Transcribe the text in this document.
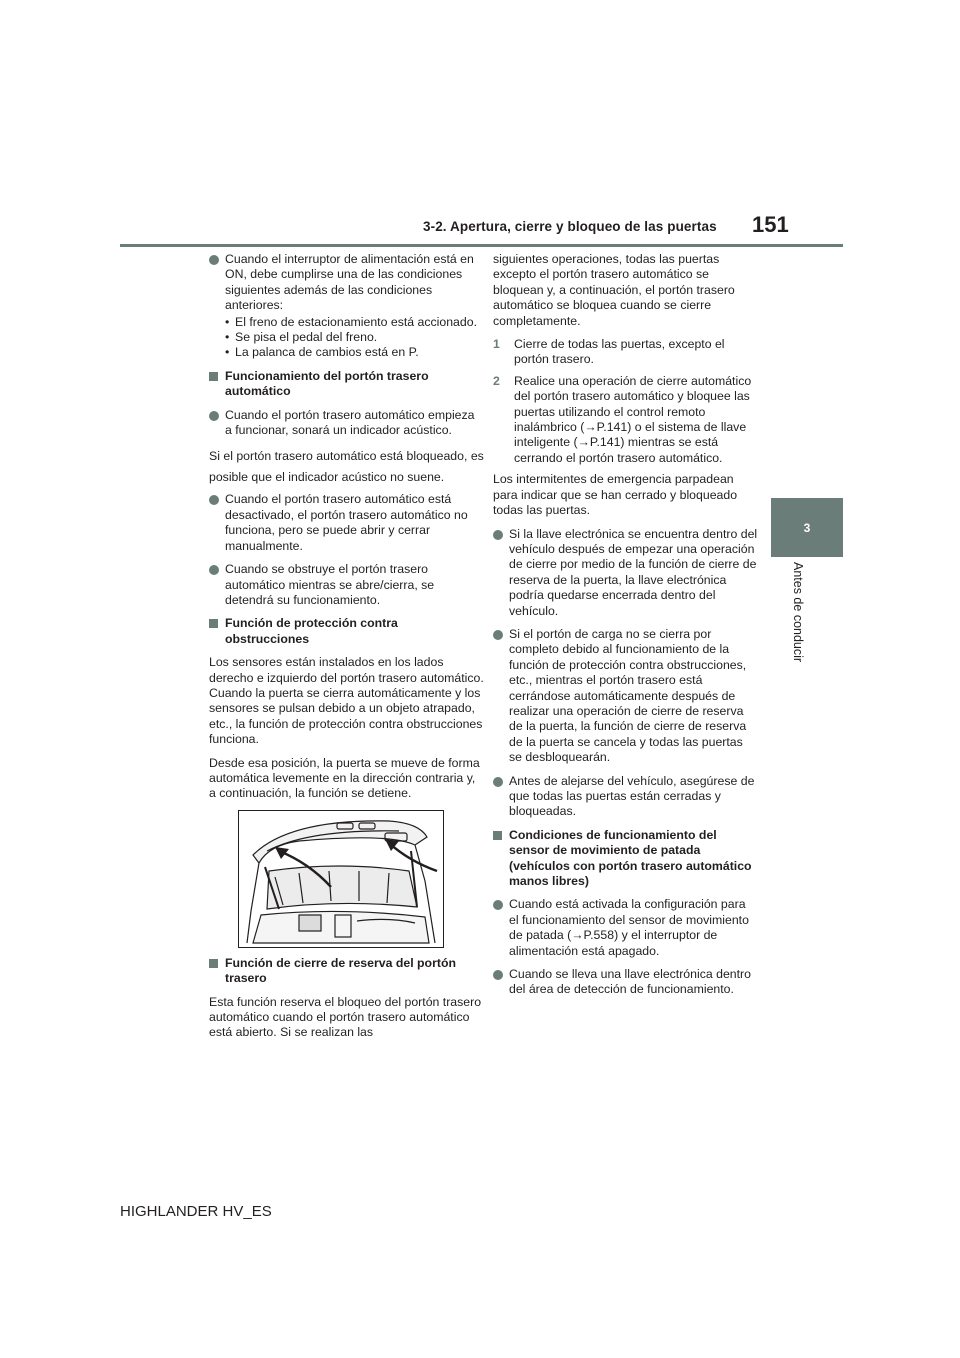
3-2. Apertura, cierre y bloqueo de las puertas 151
3
Antes de conducir
Cuando el interruptor de alimentación está en ON, debe cumplirse una de las condiciones siguientes además de las condiciones anteriores:
• El freno de estacionamiento está accionado.
• Se pisa el pedal del freno.
• La palanca de cambios está en P.
Funcionamiento del portón trasero automático
Cuando el portón trasero automático empieza a funcionar, sonará un indicador acústico.
Si el portón trasero automático está bloqueado, es posible que el indicador acústico no suene.
Cuando el portón trasero automático está desactivado, el portón trasero automático no funciona, pero se puede abrir y cerrar manualmente.
Cuando se obstruye el portón trasero automático mientras se abre/cierra, se detendrá su funcionamiento.
Función de protección contra obstrucciones
Los sensores están instalados en los lados derecho e izquierdo del portón trasero automático. Cuando la puerta se cierra automáticamente y los sensores se pulsan debido a un objeto atrapado, etc., la función de protección contra obstrucciones funciona.
Desde esa posición, la puerta se mueve de forma automática levemente en la dirección contraria y, a continuación, la función se detiene.
Función de cierre de reserva del portón trasero
Esta función reserva el bloqueo del portón trasero automático cuando el portón trasero automático está abierto. Si se realizan las
siguientes operaciones, todas las puertas excepto el portón trasero automático se bloquean y, a continuación, el portón trasero automático se bloquea cuando se cierre completamente.
1 Cierre de todas las puertas, excepto el portón trasero.
2 Realice una operación de cierre automático del portón trasero automático y bloquee las puertas utilizando el control remoto inalámbrico (→P.141) o el sistema de llave inteligente (→P.141) mientras se está cerrando el portón trasero automático.
Los intermitentes de emergencia parpadean para indicar que se han cerrado y bloqueado todas las puertas.
Si la llave electrónica se encuentra dentro del vehículo después de empezar una operación de cierre por medio de la función de cierre de reserva de la puerta, la llave electrónica podría quedarse encerrada dentro del vehículo.
Si el portón de carga no se cierra por completo debido al funcionamiento de la función de protección contra obstrucciones, etc., mientras el portón trasero está cerrándose automáticamente después de realizar una operación de cierre de reserva de la puerta, la función de cierre de reserva de la puerta se cancela y todas las puertas se desbloquearán.
Antes de alejarse del vehículo, asegúrese de que todas las puertas están cerradas y bloqueadas.
Condiciones de funcionamiento del sensor de movimiento de patada (vehículos con portón trasero automático manos libres)
Cuando está activada la configuración para el funcionamiento del sensor de movimiento de patada (→P.558) y el interruptor de alimentación está apagado.
Cuando se lleva una llave electrónica dentro del área de detección de funcionamiento.
HIGHLANDER HV_ES
